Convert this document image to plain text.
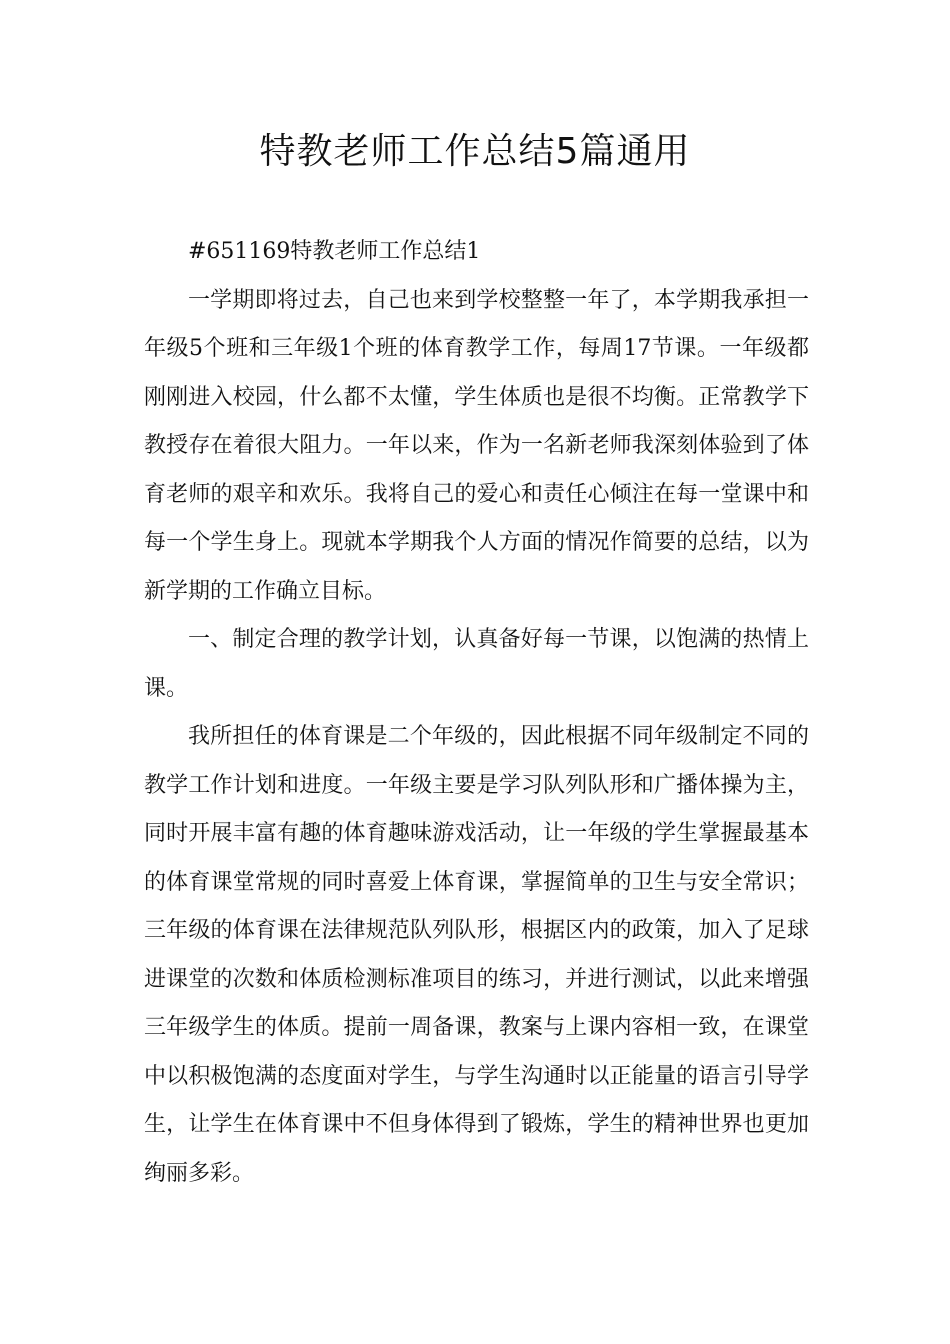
特教老师工作总结5篇通用

#651169特教老师工作总结1

一学期即将过去，自己也来到学校整整一年了，本学期我承担一年级5个班和三年级1个班的体育教学工作，每周17节课。一年级都刚刚进入校园，什么都不太懂，学生体质也是很不均衡。正常教学下教授存在着很大阻力。一年以来，作为一名新老师我深刻体验到了体育老师的艰辛和欢乐。我将自己的爱心和责任心倾注在每一堂课中和每一个学生身上。现就本学期我个人方面的情况作简要的总结，以为新学期的工作确立目标。

一、制定合理的教学计划，认真备好每一节课，以饱满的热情上课。

我所担任的体育课是二个年级的，因此根据不同年级制定不同的教学工作计划和进度。一年级主要是学习队列队形和广播体操为主，同时开展丰富有趣的体育趣味游戏活动，让一年级的学生掌握最基本的体育课堂常规的同时喜爱上体育课，掌握简单的卫生与安全常识；三年级的体育课在法律规范队列队形，根据区内的政策，加入了足球进课堂的次数和体质检测标准项目的练习，并进行测试，以此来增强三年级学生的体质。提前一周备课，教案与上课内容相一致，在课堂中以积极饱满的态度面对学生，与学生沟通时以正能量的语言引导学生，让学生在体育课中不但身体得到了锻炼，学生的精神世界也更加绚丽多彩。
